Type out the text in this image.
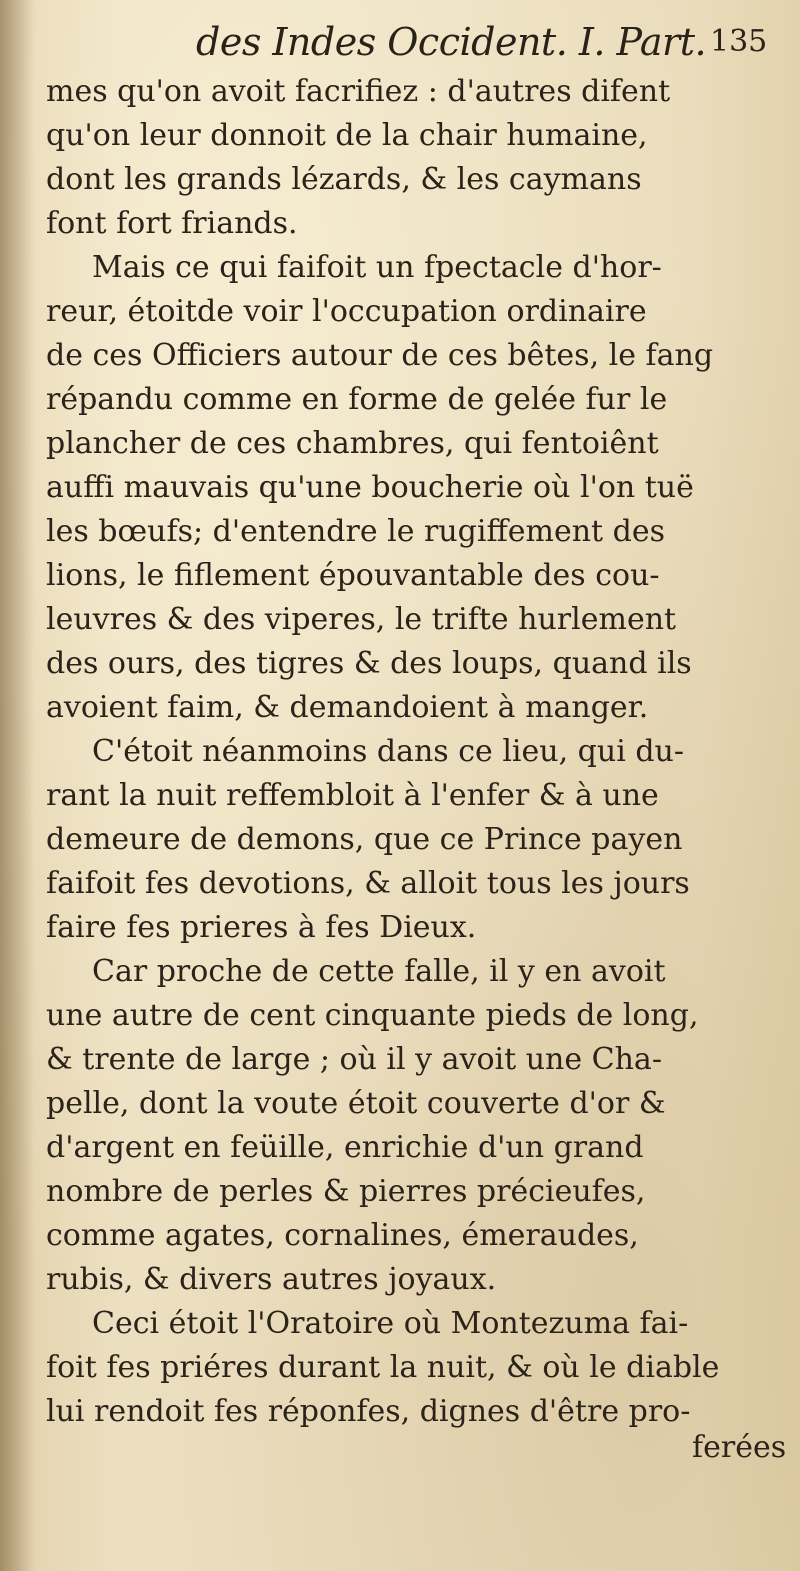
des Indes Occident. I. Part. 135
mes qu'on avoit facrifiez : d'autres difent
qu'on leur donnoit de la chair humaine,
dont les grands lézards, & les caymans
font fort friands.
Mais ce qui faifoit un fpectacle d'hor-
reur, étoitde voir l'occupation ordinaire
de ces Officiers autour de ces bêtes, le fang
répandu comme en forme de gelée fur le
plancher de ces chambres, qui fentoiênt
auffi mauvais qu'une boucherie où l'on tuë
les bœufs; d'entendre le rugiffement des
lions, le fiflement épouvantable des cou-
leuvres & des viperes, le trifte hurlement
des ours, des tigres & des loups, quand ils
avoient faim, & demandoient à manger.
C'étoit néanmoins dans ce lieu, qui du-
rant la nuit reffembloit à l'enfer & à une
demeure de demons, que ce Prince payen
faifoit fes devotions, & alloit tous les jours
faire fes prieres à fes Dieux.
Car proche de cette falle, il y en avoit
une autre de cent cinquante pieds de long,
& trente de large ; où il y avoit une Cha-
pelle, dont la voute étoit couverte d'or &
d'argent en feüille, enrichie d'un grand
nombre de perles & pierres précieufes,
comme agates, cornalines, émeraudes,
rubis, & divers autres joyaux.
Ceci étoit l'Oratoire où Montezuma fai-
foit fes priéres durant la nuit, & où le diable
lui rendoit fes réponfes, dignes d'être pro-
ferées
